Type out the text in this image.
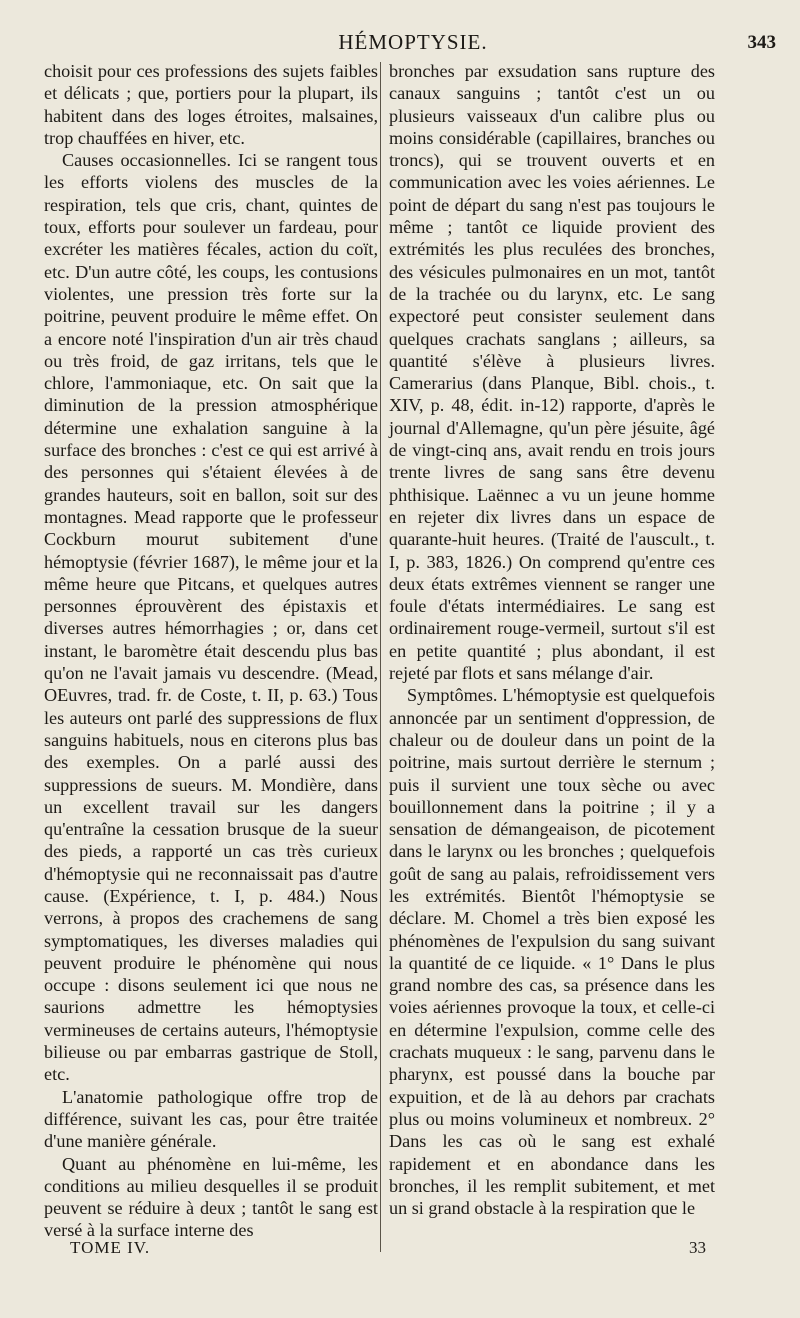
HÉMOPTYSIE.	343

choisit pour ces professions des sujets faibles et délicats ; que, portiers pour la plupart, ils habitent dans des loges étroites, malsaines, trop chauffées en hiver, etc.

Causes occasionnelles. Ici se rangent tous les efforts violens des muscles de la respiration, tels que cris, chant, quintes de toux, efforts pour soulever un fardeau, pour excréter les matières fécales, action du coït, etc. D'un autre côté, les coups, les contusions violentes, une pression très forte sur la poitrine, peuvent produire le même effet. On a encore noté l'inspiration d'un air très chaud ou très froid, de gaz irritans, tels que le chlore, l'ammoniaque, etc. On sait que la diminution de la pression atmosphérique détermine une exhalation sanguine à la surface des bronches : c'est ce qui est arrivé à des personnes qui s'étaient élevées à de grandes hauteurs, soit en ballon, soit sur des montagnes. Mead rapporte que le professeur Cockburn mourut subitement d'une hémoptysie (février 1687), le même jour et la même heure que Pitcans, et quelques autres personnes éprouvèrent des épistaxis et diverses autres hémorrhagies ; or, dans cet instant, le baromètre était descendu plus bas qu'on ne l'avait jamais vu descendre. (Mead, OEuvres, trad. fr. de Coste, t. II, p. 63.) Tous les auteurs ont parlé des suppressions de flux sanguins habituels, nous en citerons plus bas des exemples. On a parlé aussi des suppressions de sueurs. M. Mondière, dans un excellent travail sur les dangers qu'entraîne la cessation brusque de la sueur des pieds, a rapporté un cas très curieux d'hémoptysie qui ne reconnaissait pas d'autre cause. (Expérience, t. I, p. 484.) Nous verrons, à propos des crachemens de sang symptomatiques, les diverses maladies qui peuvent produire le phénomène qui nous occupe : disons seulement ici que nous ne saurions admettre les hémoptysies vermineuses de certains auteurs, l'hémoptysie bilieuse ou par embarras gastrique de Stoll, etc.

L'anatomie pathologique offre trop de différence, suivant les cas, pour être traitée d'une manière générale.

Quant au phénomène en lui-même, les conditions au milieu desquelles il se produit peuvent se réduire à deux ; tantôt le sang est versé à la surface interne des

bronches par exsudation sans rupture des canaux sanguins ; tantôt c'est un ou plusieurs vaisseaux d'un calibre plus ou moins considérable (capillaires, branches ou troncs), qui se trouvent ouverts et en communication avec les voies aériennes. Le point de départ du sang n'est pas toujours le même ; tantôt ce liquide provient des extrémités les plus reculées des bronches, des vésicules pulmonaires en un mot, tantôt de la trachée ou du larynx, etc. Le sang expectoré peut consister seulement dans quelques crachats sanglans ; ailleurs, sa quantité s'élève à plusieurs livres. Camerarius (dans Planque, Bibl. chois., t. XIV, p. 48, édit. in-12) rapporte, d'après le journal d'Allemagne, qu'un père jésuite, âgé de vingt-cinq ans, avait rendu en trois jours trente livres de sang sans être devenu phthisique. Laënnec a vu un jeune homme en rejeter dix livres dans un espace de quarante-huit heures. (Traité de l'auscult., t. I, p. 383, 1826.) On comprend qu'entre ces deux états extrêmes viennent se ranger une foule d'états intermédiaires. Le sang est ordinairement rouge-vermeil, surtout s'il est en petite quantité ; plus abondant, il est rejeté par flots et sans mélange d'air.

Symptômes. L'hémoptysie est quelquefois annoncée par un sentiment d'oppression, de chaleur ou de douleur dans un point de la poitrine, mais surtout derrière le sternum ; puis il survient une toux sèche ou avec bouillonnement dans la poitrine ; il y a sensation de démangeaison, de picotement dans le larynx ou les bronches ; quelquefois goût de sang au palais, refroidissement vers les extrémités. Bientôt l'hémoptysie se déclare. M. Chomel a très bien exposé les phénomènes de l'expulsion du sang suivant la quantité de ce liquide. « 1° Dans le plus grand nombre des cas, sa présence dans les voies aériennes provoque la toux, et celle-ci en détermine l'expulsion, comme celle des crachats muqueux : le sang, parvenu dans le pharynx, est poussé dans la bouche par expuition, et de là au dehors par crachats plus ou moins volumineux et nombreux. 2° Dans les cas où le sang est exhalé rapidement et en abondance dans les bronches, il les remplit subitement, et met un si grand obstacle à la respiration que le

TOME IV.	33
